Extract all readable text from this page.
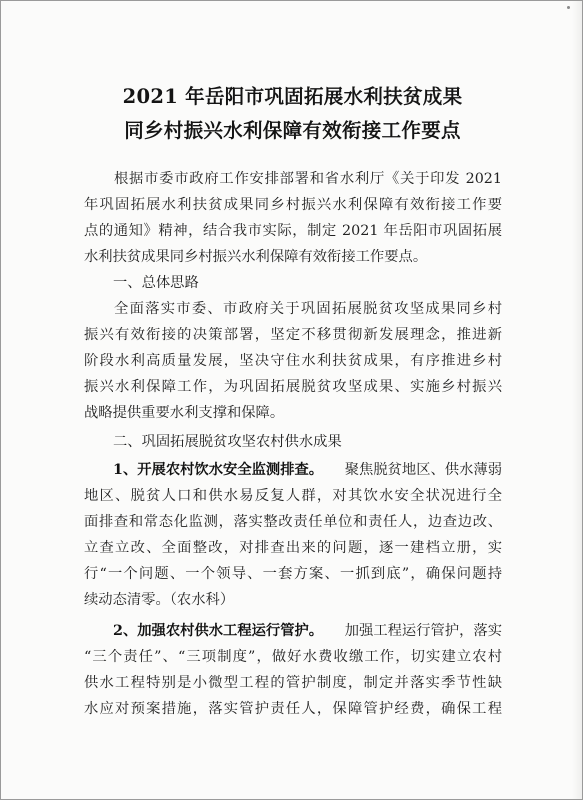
2021 年岳阳市巩固拓展水利扶贫成果
同乡村振兴水利保障有效衔接工作要点
根据市委市政府工作安排部署和省水利厅《关于印发 2021
年巩固拓展水利扶贫成果同乡村振兴水利保障有效衔接工作要
点的通知》精神，结合我市实际，制定 2021 年岳阳市巩固拓展
水利扶贫成果同乡村振兴水利保障有效衔接工作要点。
一、总体思路
全面落实市委、市政府关于巩固拓展脱贫攻坚成果同乡村
振兴有效衔接的决策部署，坚定不移贯彻新发展理念，推进新
阶段水利高质量发展，坚决守住水利扶贫成果，有序推进乡村
振兴水利保障工作，为巩固拓展脱贫攻坚成果、实施乡村振兴
战略提供重要水利支撑和保障。
二、巩固拓展脱贫攻坚农村供水成果
1、开展农村饮水安全监测排查。 聚焦脱贫地区、供水薄弱
地区、脱贫人口和供水易反复人群，对其饮水安全状况进行全
面排查和常态化监测，落实整改责任单位和责任人，边查边改、
立查立改、全面整改，对排查出来的问题，逐一建档立册，实
行“一个问题、一个领导、一套方案、一抓到底”，确保问题持
续动态清零。（农水科）
2、加强农村供水工程运行管护。 加强工程运行管护，落实
“三个责任”、“三项制度”，做好水费收缴工作，切实建立农村
供水工程特别是小微型工程的管护制度，制定并落实季节性缺
水应对预案措施，落实管护责任人，保障管护经费，确保工程
